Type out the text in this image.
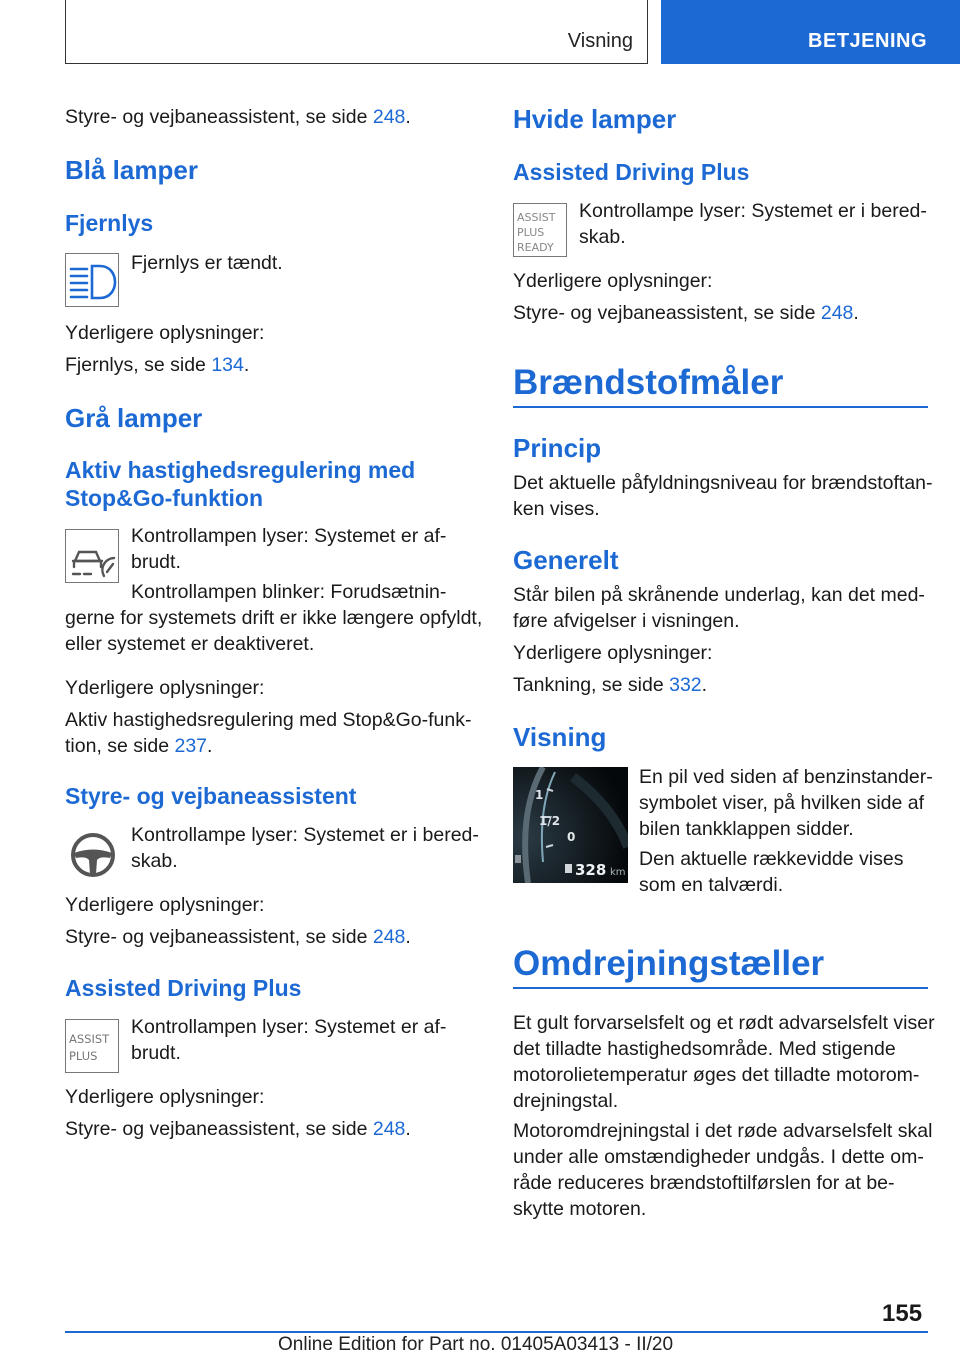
Visning	BETJENING
Styre- og vejbaneassistent, se side 248.
Blå lamper
Fjernlys
Fjernlys er tændt.
Yderligere oplysninger:
Fjernlys, se side 134.
Grå lamper
Aktiv hastighedsregulering med
Stop&Go-funktion
Kontrollampen lyser: Systemet er af-
brudt.
Kontrollampen blinker: Forudsætnin-
gerne for systemets drift er ikke længere opfyldt,
eller systemet er deaktiveret.
Yderligere oplysninger:
Aktiv hastighedsregulering med Stop&Go-funk-
tion, se side 237.
Styre- og vejbaneassistent
Kontrollampe lyser: Systemet er i bered-
skab.
Yderligere oplysninger:
Styre- og vejbaneassistent, se side 248.
Assisted Driving Plus
ASSIST
PLUS
Kontrollampen lyser: Systemet er af-
brudt.
Yderligere oplysninger:
Styre- og vejbaneassistent, se side 248.
Hvide lamper
Assisted Driving Plus
ASSIST
PLUS
READY
Kontrollampe lyser: Systemet er i bered-
skab.
Yderligere oplysninger:
Styre- og vejbaneassistent, se side 248.
Brændstofmåler
Princip
Det aktuelle påfyldningsniveau for brændstoftan-
ken vises.
Generelt
Står bilen på skrånende underlag, kan det med-
føre afvigelser i visningen.
Yderligere oplysninger:
Tankning, se side 332.
Visning
1
1/2
0
328 km
En pil ved siden af benzinstander-
symbolet viser, på hvilken side af
bilen tankklappen sidder.
Den aktuelle rækkevidde vises
som en talværdi.
Omdrejningstæller
Et gult forvarselsfelt og et rødt advarselsfelt viser
det tilladte hastighedsområde. Med stigende
motorolietemperatur øges det tilladte motorom-
drejningstal.
Motoromdrejningstal i det røde advarselsfelt skal
under alle omstændigheder undgås. I dette om-
råde reduceres brændstoftilførslen for at be-
skytte motoren.
155
Online Edition for Part no. 01405A03413 - II/20
